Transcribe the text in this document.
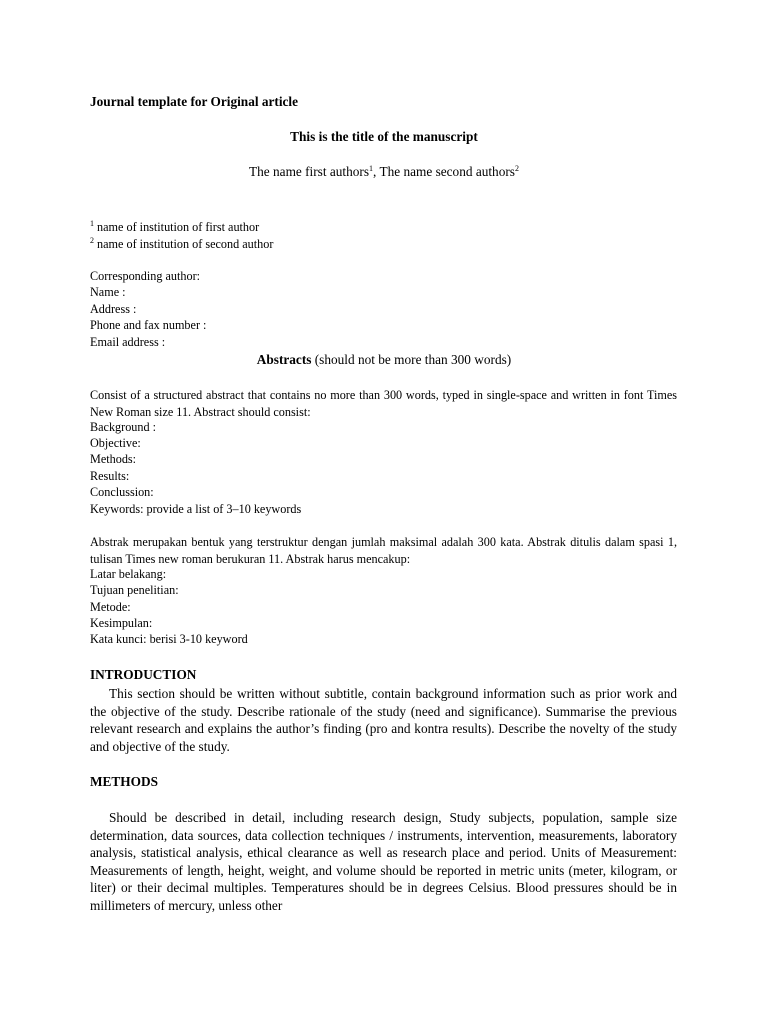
Journal template for Original article
This is the title of the manuscript
The name first authors$^1$, The name second authors$^2$
$^1$ name of institution of first author
$^2$ name of institution of second author
Corresponding author:
Name :
Address :
Phone and fax number :
Email address :
Abstracts (should not be more than 300 words)
Consist of a structured abstract that contains no more than 300 words, typed in single-space and written in font Times New Roman size 11. Abstract should consist:
Background :
Objective:
Methods:
Results:
Conclussion:
Keywords: provide a list of 3–10 keywords
Abstrak merupakan bentuk yang terstruktur dengan jumlah maksimal adalah 300 kata. Abstrak ditulis dalam spasi 1, tulisan Times new roman berukuran 11. Abstrak harus mencakup:
Latar belakang:
Tujuan penelitian:
Metode:
Kesimpulan:
Kata kunci: berisi 3-10 keyword
INTRODUCTION
This section should be written without subtitle, contain background information such as prior work and the objective of the study. Describe rationale of the study (need and significance). Summarise the previous relevant research and explains the author’s finding (pro and kontra results). Describe the novelty of the study and objective of the study.
METHODS
Should be described in detail, including research design, Study subjects, population, sample size determination, data sources, data collection techniques / instruments, intervention, measurements, laboratory analysis, statistical analysis, ethical clearance as well as research place and period. Units of Measurement: Measurements of length, height, weight, and volume should be reported in metric units (meter, kilogram, or liter) or their decimal multiples. Temperatures should be in degrees Celsius. Blood pressures should be in millimeters of mercury, unless other
